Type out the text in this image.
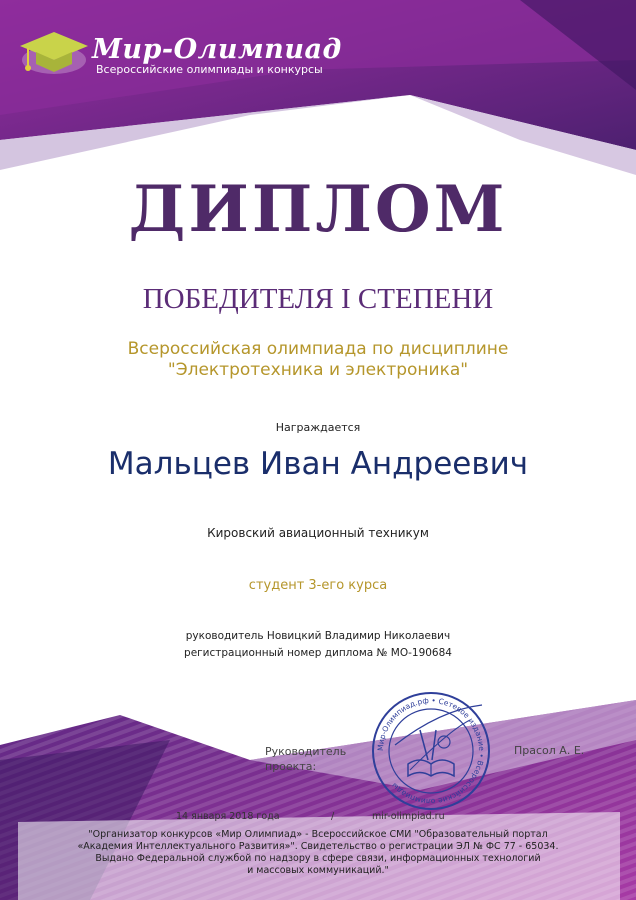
Мир-Олимпиад
Всероссийские олимпиады и конкурсы
ДИПЛОМ
ПОБЕДИТЕЛЯ I СТЕПЕНИ
Всероссийская олимпиада по дисциплине
"Электротехника и электроника"
Награждается
Мальцев Иван Андреевич
Кировский авиационный техникум
студент 3-его курса
руководитель Новицкий Владимир Николаевич
регистрационный номер диплома № МО-190684
Мир-Олимпиад.рф • Сетевое издание • Всероссийские олимпиады
Руководитель
проекта:
Прасол А. Е.
14 января 2018 года	/	mir-olimpiad.ru
"Организатор конкурсов «Мир Олимпиад» - Всероссийское СМИ "Образовательный портал
«Академия Интеллектуального Развития»". Свидетельство о регистрации ЭЛ № ФС 77 - 65034.
Выдано Федеральной службой по надзору в сфере связи, информационных технологий
и массовых коммуникаций."
